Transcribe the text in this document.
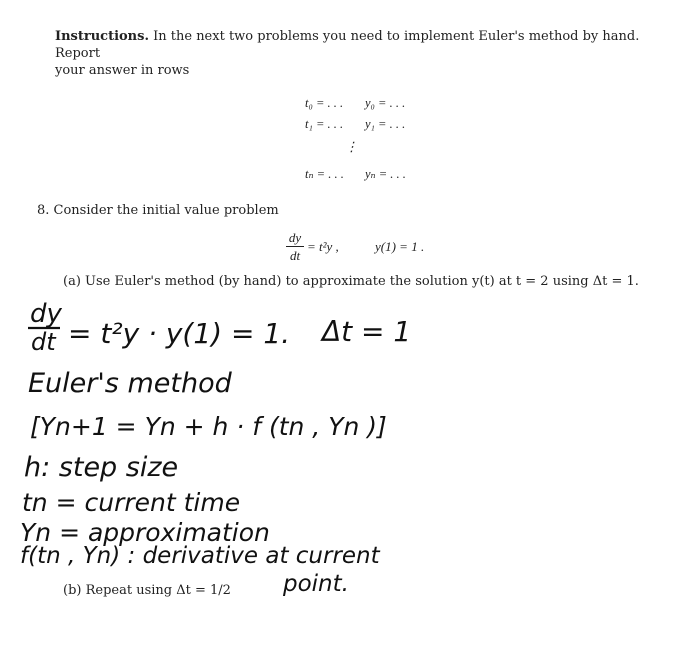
Instructions. In the next two problems you need to implement Euler's method by hand. Report
your answer in rows
t₀ = . . . y₀ = . . .
t₁ = . . . y₁ = . . .
⋮
tₙ = . . . yₙ = . . .
8. Consider the initial value problem
dy
dt
= t²y ,	y(1) = 1 .
(a) Use Euler's method (by hand) to approximate the solution y(t) at t = 2 using Δt = 1.
dy
dt = t²y · y(1) = 1. Δt = 1
Euler's method
[Yn+1 = Yn + h · f (tn , Yn )]
h: step size
tn = current time
Yn = approximation
f(tn , Yn) : derivative at current
point.
(b) Repeat using Δt = 1/2
